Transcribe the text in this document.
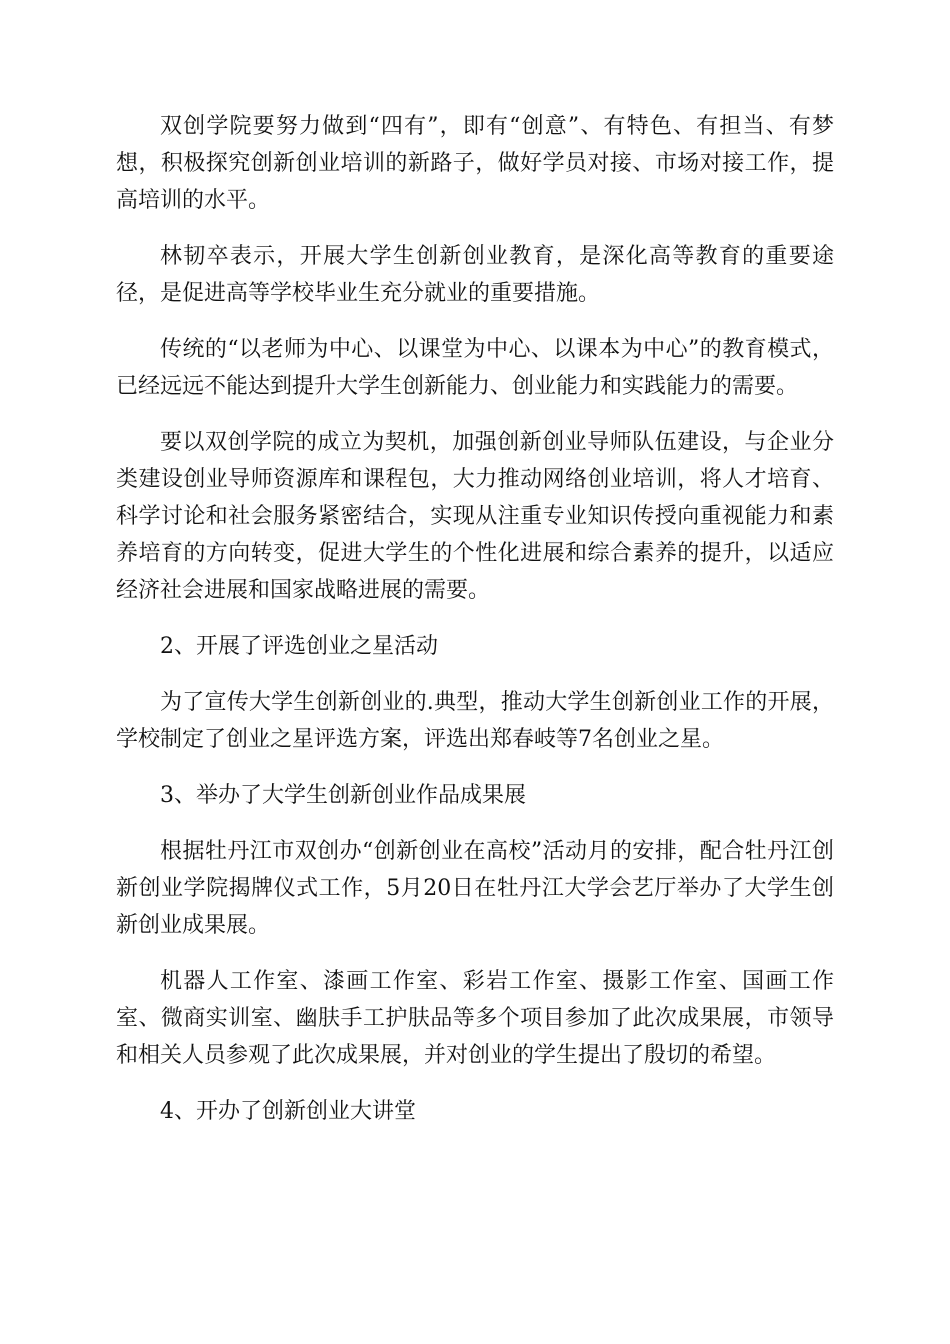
双创学院要努力做到“四有”，即有“创意”、有特色、有担当、有梦想，积极探究创新创业培训的新路子，做好学员对接、市场对接工作，提高培训的水平。

林韧卒表示，开展大学生创新创业教育，是深化高等教育的重要途径，是促进高等学校毕业生充分就业的重要措施。

传统的“以老师为中心、以课堂为中心、以课本为中心”的教育模式，已经远远不能达到提升大学生创新能力、创业能力和实践能力的需要。

要以双创学院的成立为契机，加强创新创业导师队伍建设，与企业分类建设创业导师资源库和课程包，大力推动网络创业培训，将人才培育、科学讨论和社会服务紧密结合，实现从注重专业知识传授向重视能力和素养培育的方向转变，促进大学生的个性化进展和综合素养的提升，以适应经济社会进展和国家战略进展的需要。

2、开展了评选创业之星活动

为了宣传大学生创新创业的.典型，推动大学生创新创业工作的开展，学校制定了创业之星评选方案，评选出郑春岐等7名创业之星。

3、举办了大学生创新创业作品成果展

根据牡丹江市双创办“创新创业在高校”活动月的安排，配合牡丹江创新创业学院揭牌仪式工作，5月20日在牡丹江大学会艺厅举办了大学生创新创业成果展。

机器人工作室、漆画工作室、彩岩工作室、摄影工作室、国画工作室、微商实训室、幽肤手工护肤品等多个项目参加了此次成果展，市领导和相关人员参观了此次成果展，并对创业的学生提出了殷切的希望。

4、开办了创新创业大讲堂
